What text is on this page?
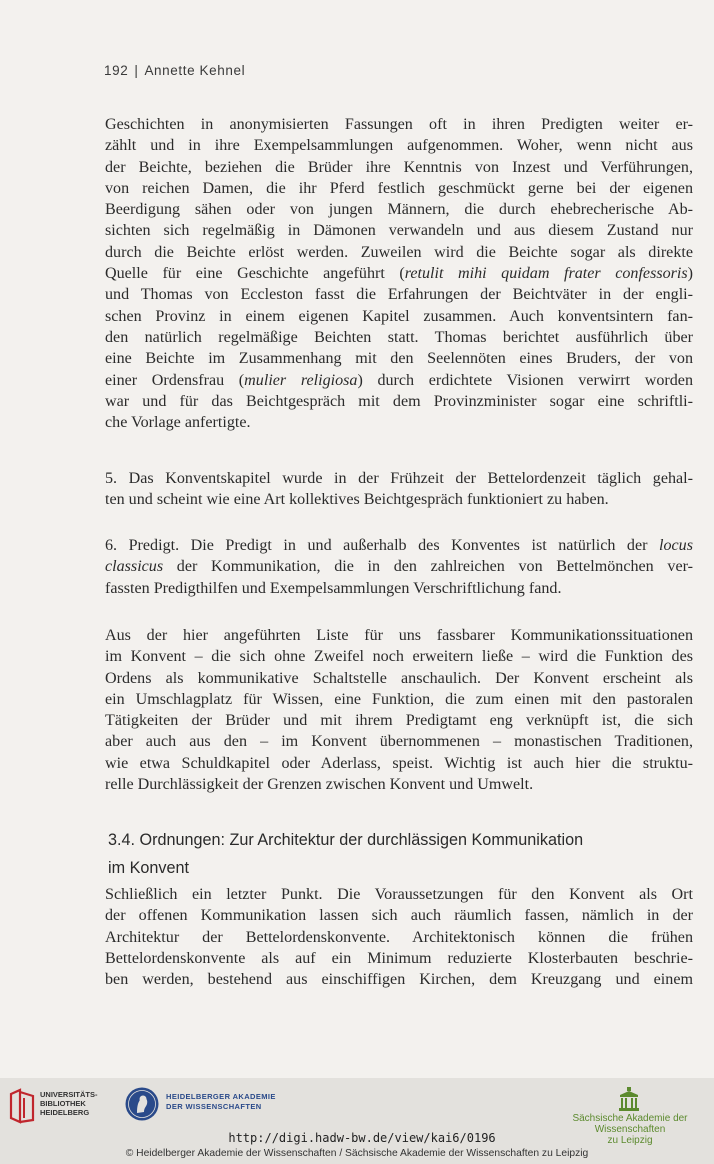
192 | Annette Kehnel
Geschichten in anonymisierten Fassungen oft in ihren Predigten weiter er-
zählt und in ihre Exempelsammlungen aufgenommen. Woher, wenn nicht aus
der Beichte, beziehen die Brüder ihre Kenntnis von Inzest und Verführungen,
von reichen Damen, die ihr Pferd festlich geschmückt gerne bei der eigenen
Beerdigung sähen oder von jungen Männern, die durch ehebrecherische Ab-
sichten sich regelmäßig in Dämonen verwandeln und aus diesem Zustand nur
durch die Beichte erlöst werden. Zuweilen wird die Beichte sogar als direkte
Quelle für eine Geschichte angeführt (retulit mihi quidam frater confessoris)
und Thomas von Eccleston fasst die Erfahrungen der Beichtväter in der engli-
schen Provinz in einem eigenen Kapitel zusammen. Auch konventsintern fan-
den natürlich regelmäßige Beichten statt. Thomas berichtet ausführlich über
eine Beichte im Zusammenhang mit den Seelennöten eines Bruders, der von
einer Ordensfrau (mulier religiosa) durch erdichtete Visionen verwirrt worden
war und für das Beichtgespräch mit dem Provinzminister sogar eine schriftli-
che Vorlage anfertigte.
5. Das Konventskapitel wurde in der Frühzeit der Bettelordenzeit täglich gehal-
ten und scheint wie eine Art kollektives Beichtgespräch funktioniert zu haben.
6. Predigt. Die Predigt in und außerhalb des Konventes ist natürlich der locus
classicus der Kommunikation, die in den zahlreichen von Bettelmönchen ver-
fassten Predigthilfen und Exempelsammlungen Verschriftlichung fand.
Aus der hier angeführten Liste für uns fassbarer Kommunikationssituationen
im Konvent – die sich ohne Zweifel noch erweitern ließe – wird die Funktion des
Ordens als kommunikative Schaltstelle anschaulich. Der Konvent erscheint als
ein Umschlagplatz für Wissen, eine Funktion, die zum einen mit den pastoralen
Tätigkeiten der Brüder und mit ihrem Predigtamt eng verknüpft ist, die sich
aber auch aus den – im Konvent übernommenen – monastischen Traditionen,
wie etwa Schuldkapitel oder Aderlass, speist. Wichtig ist auch hier die struktu-
relle Durchlässigkeit der Grenzen zwischen Konvent und Umwelt.
3.4. Ordnungen: Zur Architektur der durchlässigen Kommunikation
im Konvent
Schließlich ein letzter Punkt. Die Voraussetzungen für den Konvent als Ort
der offenen Kommunikation lassen sich auch räumlich fassen, nämlich in der
Architektur der Bettelordenskonvente. Architektonisch können die frühen
Bettelordenskonvente als auf ein Minimum reduzierte Klosterbauten beschrie-
ben werden, bestehend aus einschiffigen Kirchen, dem Kreuzgang und einem
UNIVERSITÄTS-
BIBLIOTHEK
HEIDELBERG
HEIDELBERGER AKADEMIE
DER WISSENSCHAFTEN
Sächsische Akademie der Wissenschaften
zu Leipzig
http://digi.hadw-bw.de/view/kai6/0196
© Heidelberger Akademie der Wissenschaften / Sächsische Akademie der Wissenschaften zu Leipzig
